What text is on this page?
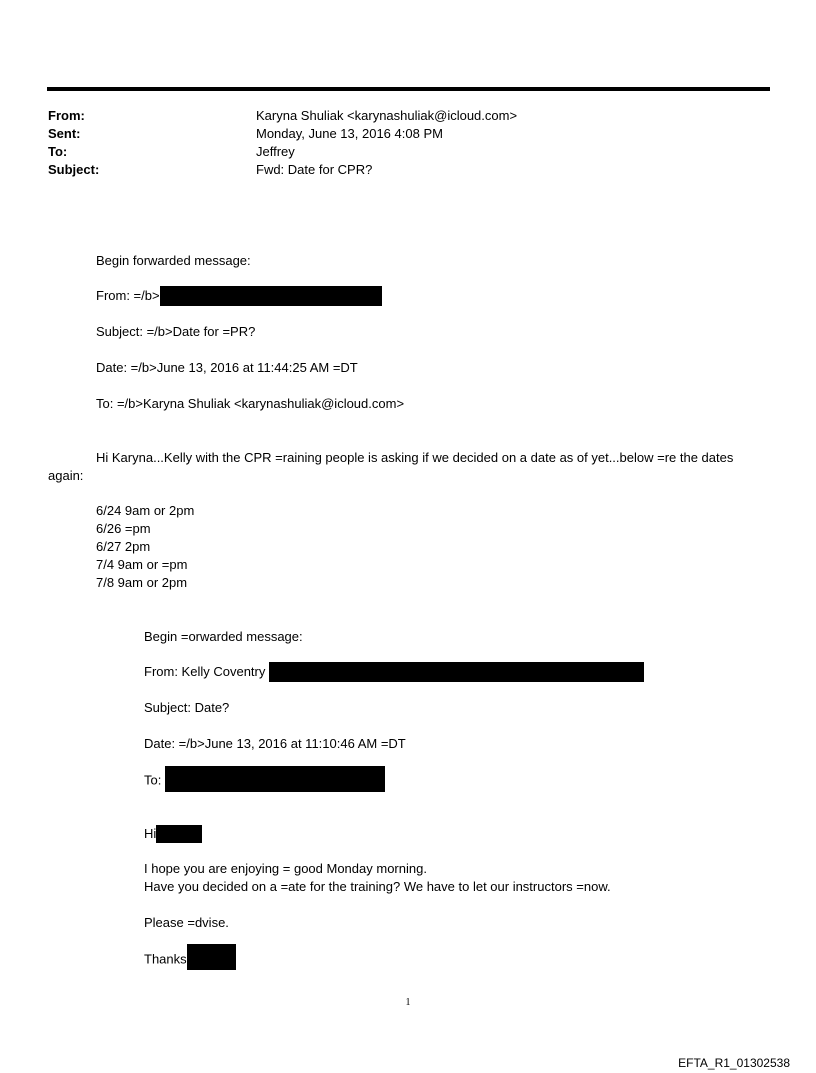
From:	Karyna Shuliak <karynashuliak@icloud.com>
Sent:	Monday, June 13, 2016 4:08 PM
To:	Jeffrey
Subject:	Fwd: Date for CPR?
Begin forwarded message:
From: =/b>
Subject: =/b>Date for =PR?
Date: =/b>June 13, 2016 at 11:44:25 AM =DT
To: =/b>Karyna Shuliak <karynashuliak@icloud.com>
Hi Karyna...Kelly with the CPR =raining people is asking if we decided on a date as of yet...below =re the dates
again:
6/24 9am or 2pm
6/26 =pm
6/27 2pm
7/4 9am or =pm
7/8 9am or 2pm
Begin =orwarded message:
From: Kelly Coventry
Subject: Date?
Date: =/b>June 13, 2016 at 11:10:46 AM =DT
To:
Hi
I hope you are enjoying = good Monday morning.
Have you decided on a =ate for the training? We have to let our instructors =now.
Please =dvise.
Thanks
1
EFTA_R1_01302538
